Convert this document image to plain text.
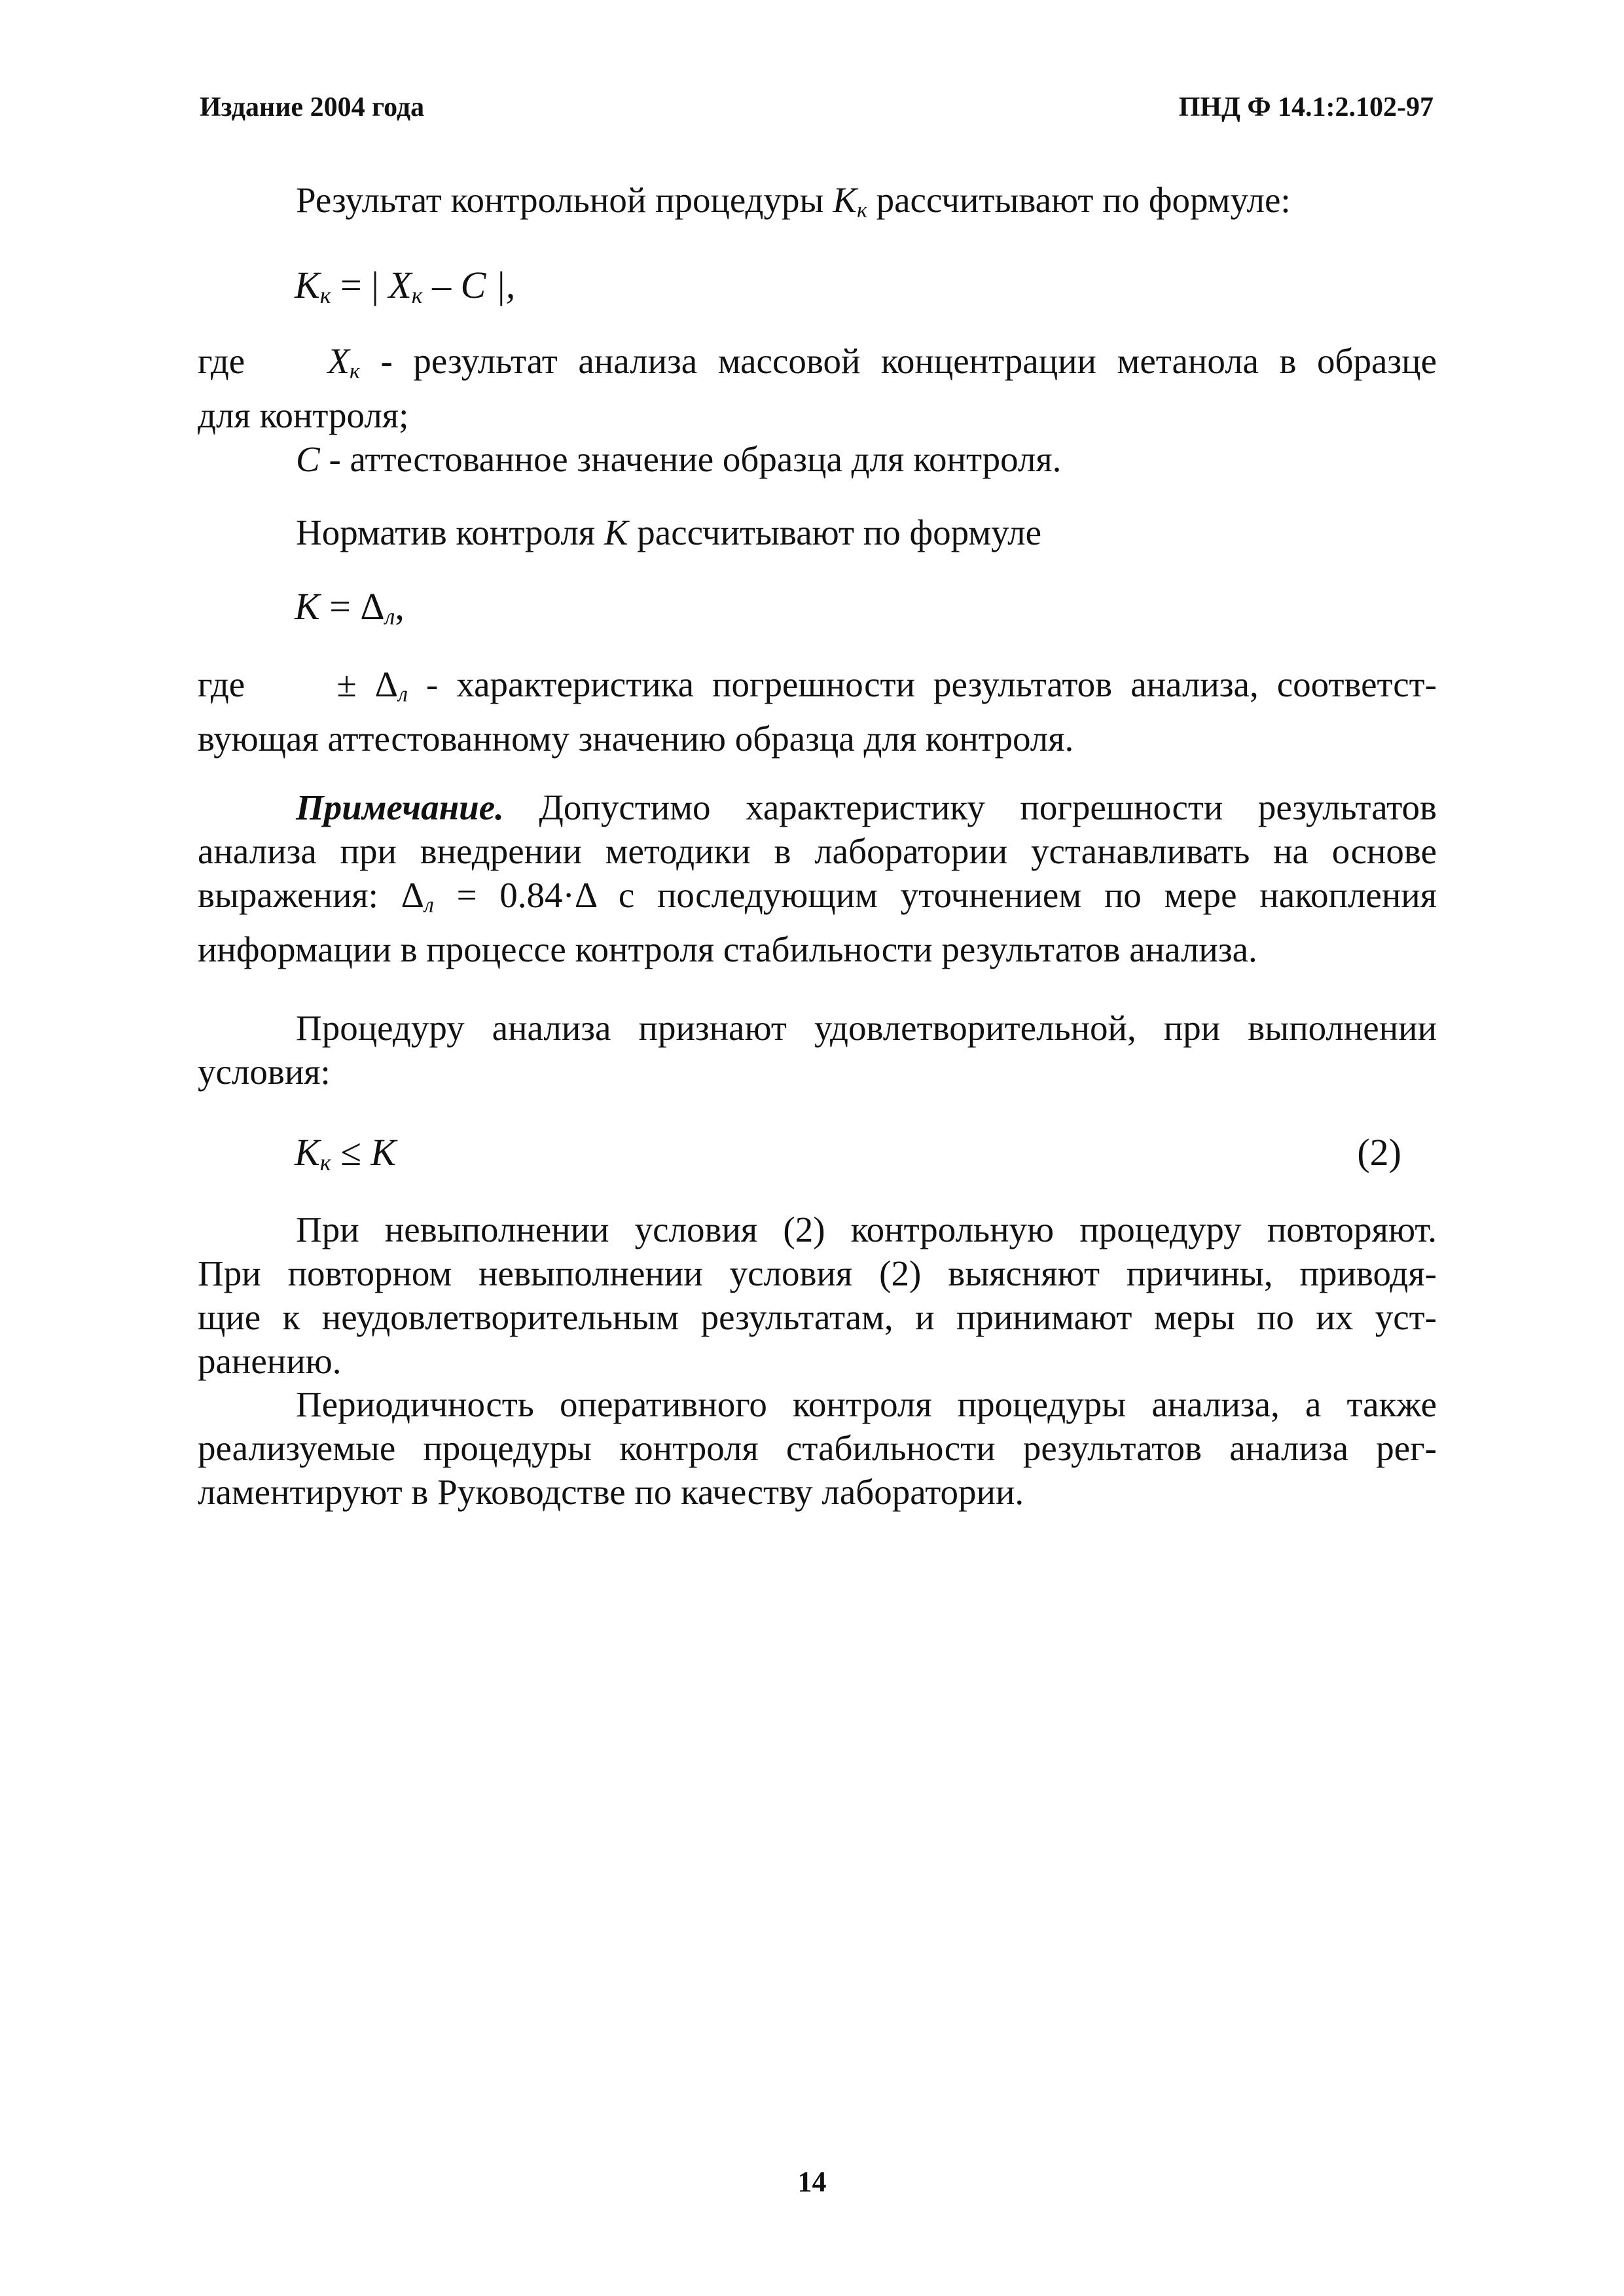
Издание 2004 года	ПНД Ф 14.1:2.102-97
Результат контрольной процедуры $K_к$ рассчитывают по формуле:
$K_к$ = | $X_к$ – C |,
где $X_к$ - результат анализа массовой концентрации метанола в образце
для контроля;
C - аттестованное значение образца для контроля.
Норматив контроля K рассчитывают по формуле
$K = \Delta_л$,
где	± $\Delta_л$ - характеристика погрешности результатов анализа, соответст-
вующая аттестованному значению образца для контроля.
Примечание. Допустимо характеристику погрешности результатов
анализа при внедрении методики в лаборатории устанавливать на основе
выражения: $\Delta_л = 0.84\cdot\Delta$ с последующим уточнением по мере накопления
информации в процессе контроля стабильности результатов анализа.
Процедуру анализа признают удовлетворительной, при выполнении
условия:
$K_к \le K$	(2)
При невыполнении условия (2) контрольную процедуру повторяют.
При повторном невыполнении условия (2) выясняют причины, приводя-
щие к неудовлетворительным результатам, и принимают меры по их уст-
ранению.
Периодичность оперативного контроля процедуры анализа, а также
реализуемые процедуры контроля стабильности результатов анализа рег-
ламентируют в Руководстве по качеству лаборатории.
14
